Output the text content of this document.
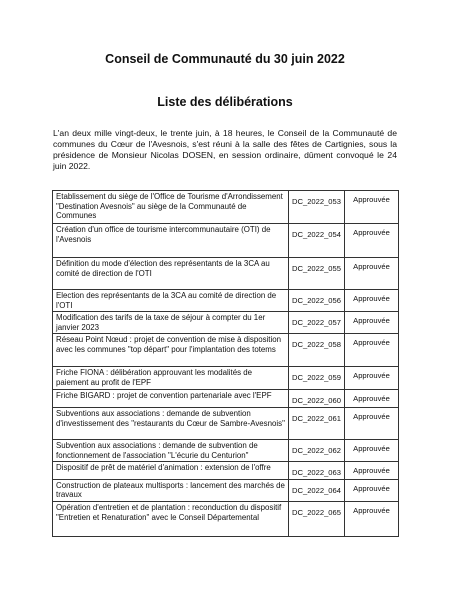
Conseil de Communauté du 30 juin 2022
Liste des délibérations

L'an deux mille vingt-deux, le trente juin, à 18 heures, le Conseil de la Communauté de communes du Cœur de l'Avesnois, s'est réuni à la salle des fêtes de Cartignies, sous la présidence de Monsieur Nicolas DOSEN, en session ordinaire, dûment convoqué le 24 juin 2022.

Etablissement du siège de l'Office de Tourisme d'Arrondissement "Destination Avesnois" au siège de la Communauté de Communes	DC_2022_053	Approuvée
Création d'un office de tourisme intercommunautaire (OTI) de l'Avesnois	DC_2022_054	Approuvée
Définition du mode d'élection des représentants de la 3CA au comité de direction de l'OTI	DC_2022_055	Approuvée
Election des représentants de la 3CA au comité de direction de l'OTI	DC_2022_056	Approuvée
Modification des tarifs de la taxe de séjour à compter du 1er janvier 2023	DC_2022_057	Approuvée
Réseau Point Nœud : projet de convention de mise à disposition avec les communes "top départ" pour l'implantation des totems	DC_2022_058	Approuvée
Friche FIONA : délibération approuvant les modalités de paiement au profit de l'EPF	DC_2022_059	Approuvée
Friche BIGARD : projet de convention partenariale avec l'EPF	DC_2022_060	Approuvée
Subventions aux associations : demande de subvention d'investissement des "restaurants du Cœur de Sambre-Avesnois"	DC_2022_061	Approuvée
Subvention aux associations : demande de subvention de fonctionnement de l'association "L'écurie du Centurion"	DC_2022_062	Approuvée
Dispositif de prêt de matériel d'animation : extension de l'offre	DC_2022_063	Approuvée
Construction de plateaux multisports : lancement des marchés de travaux	DC_2022_064	Approuvée
Opération d'entretien et de plantation : reconduction du dispositif "Entretien et Renaturation" avec le Conseil Départemental	DC_2022_065	Approuvée
